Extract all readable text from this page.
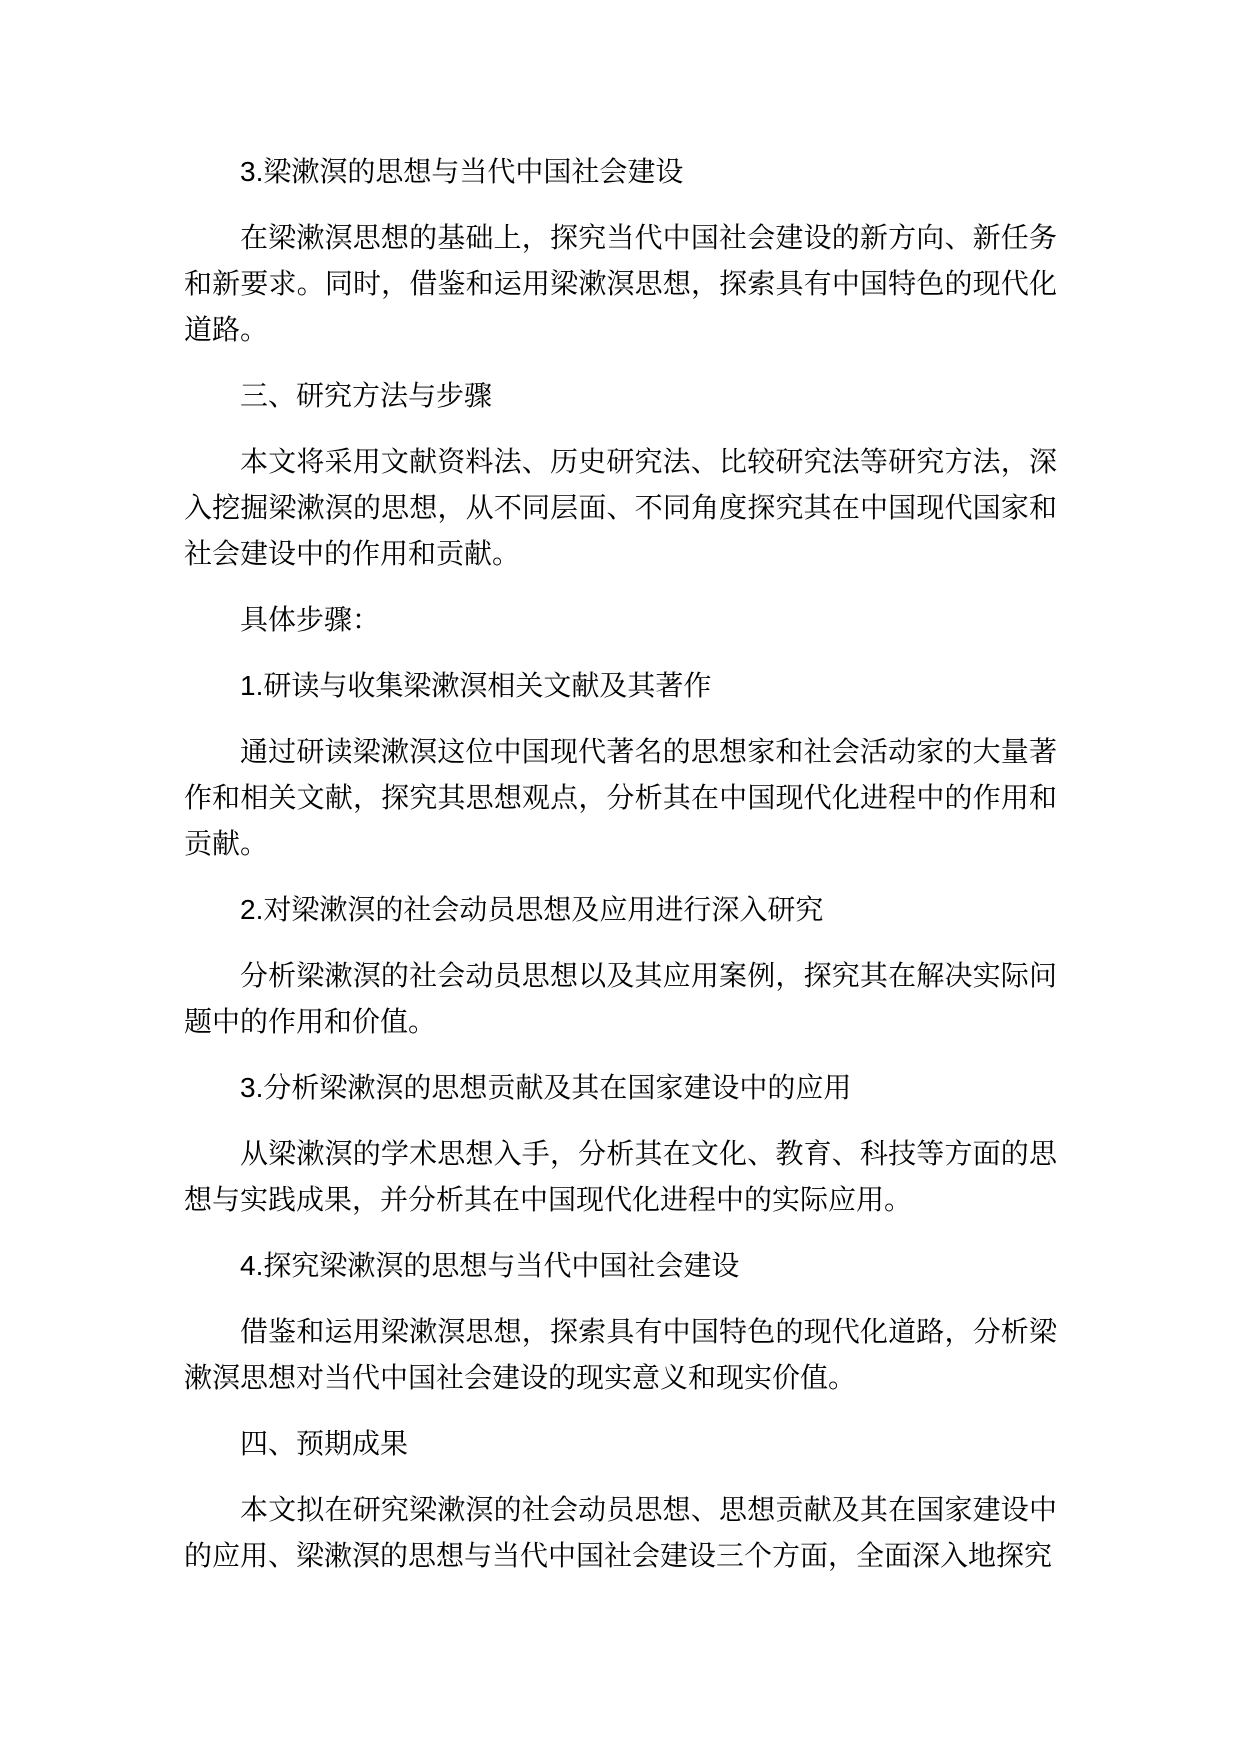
3.梁漱溟的思想与当代中国社会建设

在梁漱溟思想的基础上，探究当代中国社会建设的新方向、新任务和新要求。同时，借鉴和运用梁漱溟思想，探索具有中国特色的现代化道路。

三、研究方法与步骤

本文将采用文献资料法、历史研究法、比较研究法等研究方法，深入挖掘梁漱溟的思想，从不同层面、不同角度探究其在中国现代国家和社会建设中的作用和贡献。

具体步骤：

1.研读与收集梁漱溟相关文献及其著作

通过研读梁漱溟这位中国现代著名的思想家和社会活动家的大量著作和相关文献，探究其思想观点，分析其在中国现代化进程中的作用和贡献。

2.对梁漱溟的社会动员思想及应用进行深入研究

分析梁漱溟的社会动员思想以及其应用案例，探究其在解决实际问题中的作用和价值。

3.分析梁漱溟的思想贡献及其在国家建设中的应用

从梁漱溟的学术思想入手，分析其在文化、教育、科技等方面的思想与实践成果，并分析其在中国现代化进程中的实际应用。

4.探究梁漱溟的思想与当代中国社会建设

借鉴和运用梁漱溟思想，探索具有中国特色的现代化道路，分析梁漱溟思想对当代中国社会建设的现实意义和现实价值。

四、预期成果

本文拟在研究梁漱溟的社会动员思想、思想贡献及其在国家建设中的应用、梁漱溟的思想与当代中国社会建设三个方面，全面深入地探究
